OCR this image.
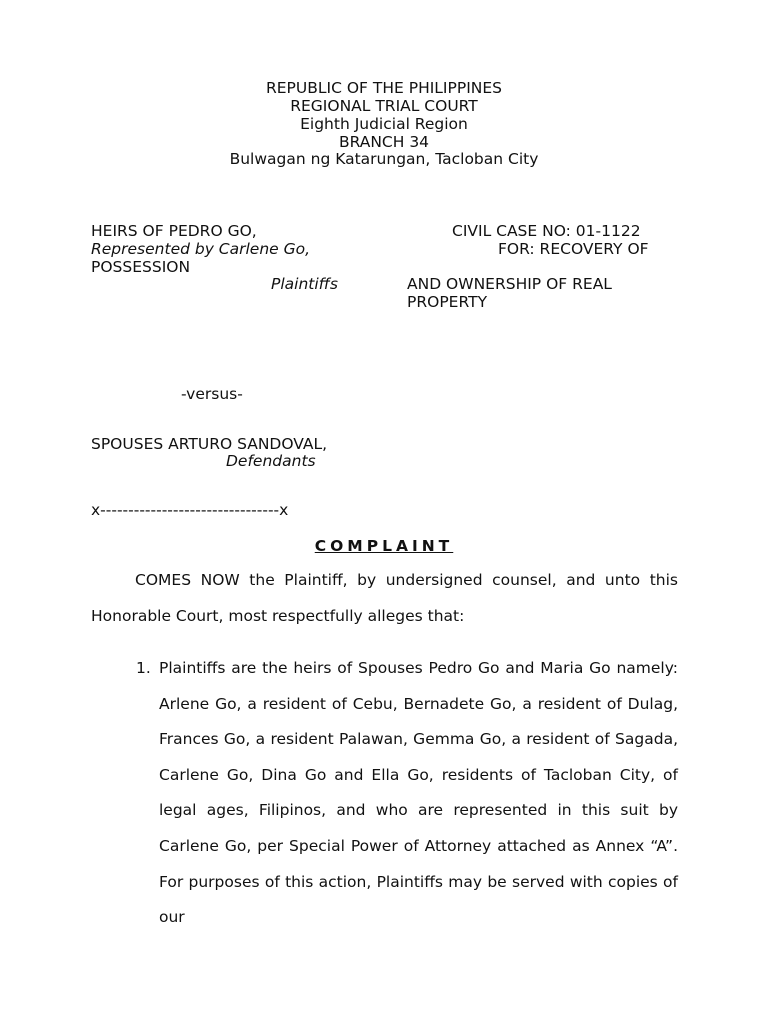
REPUBLIC OF THE PHILIPPINES
REGIONAL TRIAL COURT
Eighth Judicial Region
BRANCH 34
Bulwagan ng Katarungan, Tacloban City
HEIRS OF PEDRO GO,
Represented by Carlene Go,
POSSESSION
Plaintiffs
CIVIL CASE NO: 01-1122
FOR: RECOVERY OF
AND OWNERSHIP OF REAL
PROPERTY
-versus-
SPOUSES ARTURO SANDOVAL,
Defendants
x--------------------------------x
COMPLAINT
COMES NOW the Plaintiff, by undersigned counsel, and unto this Honorable Court, most respectfully alleges that:
1. Plaintiffs are the heirs of Spouses Pedro Go and Maria Go namely: Arlene Go, a resident of Cebu, Bernadete Go, a resident of Dulag, Frances Go, a resident Palawan, Gemma Go, a resident of Sagada, Carlene Go, Dina Go and Ella Go, residents of Tacloban City, of legal ages, Filipinos, and who are represented in this suit by Carlene Go, per Special Power of Attorney attached as Annex “A”. For purposes of this action, Plaintiffs may be served with copies of our
